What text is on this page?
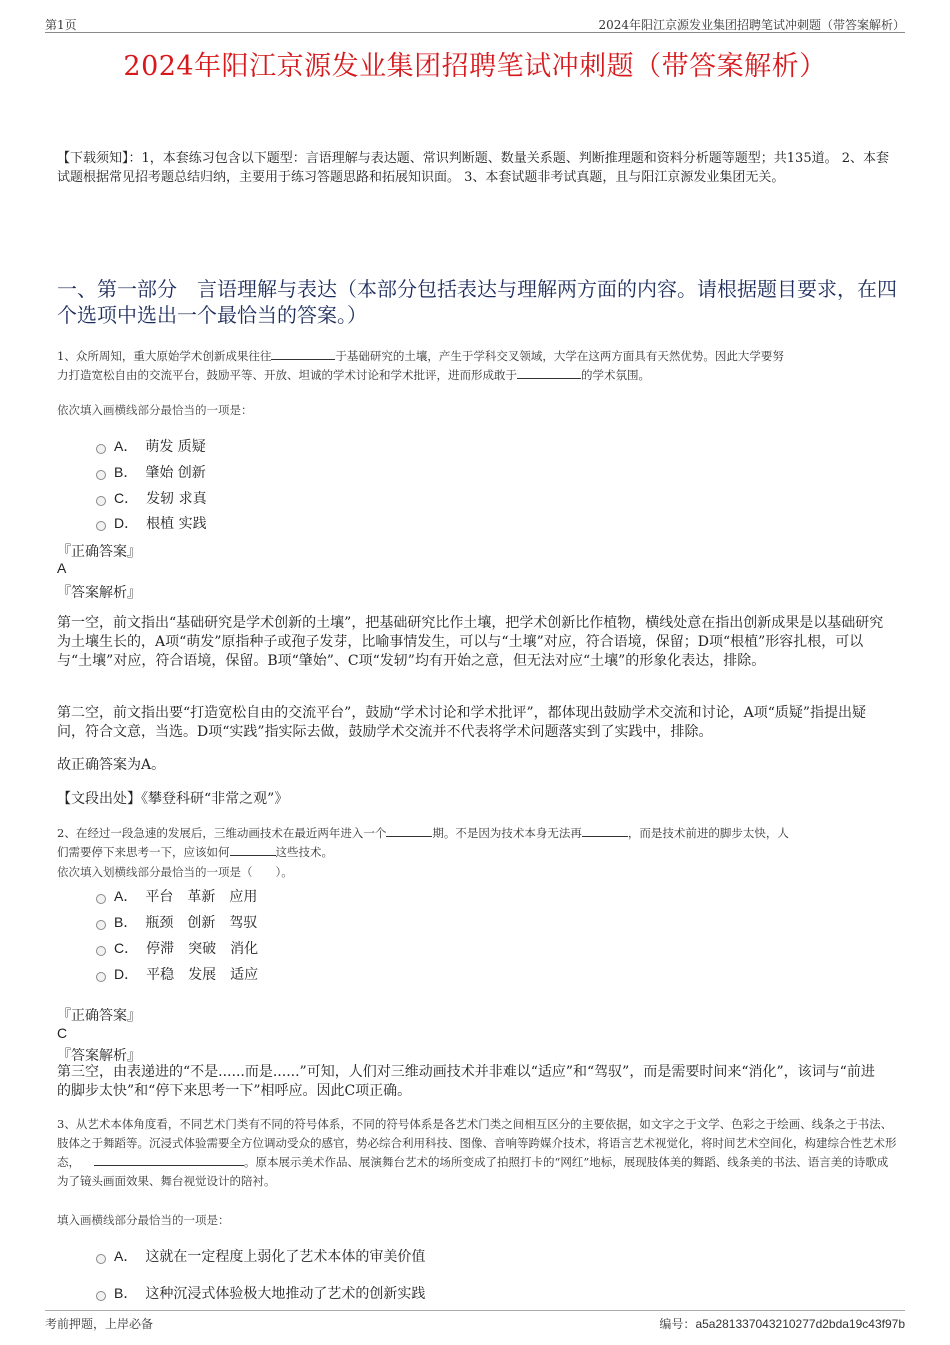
第1页	2024年阳江京源发业集团招聘笔试冲刺题（带答案解析）
2024年阳江京源发业集团招聘笔试冲刺题（带答案解析）
【下载须知】：1，本套练习包含以下题型：言语理解与表达题、常识判断题、数量关系题、判断推理题和资料分析题等题型；共135道。 2、本套试题根据常见招考题总结归纳，主要用于练习答题思路和拓展知识面。 3、本套试题非考试真题，且与阳江京源发业集团无关。
一、第一部分　言语理解与表达（本部分包括表达与理解两方面的内容。请根据题目要求，在四个选项中选出一个最恰当的答案。）
1、众所周知，重大原始学术创新成果往往	于基础研究的土壤，产生于学科交叉领域，大学在这两方面具有天然优势。因此大学要努
力打造宽松自由的交流平台，鼓励平等、开放、坦诚的学术讨论和学术批评，进而形成敢于	的学术氛围。
依次填入画横线部分最恰当的一项是：
A． 萌发 质疑
B． 肇始 创新
C． 发轫 求真
D． 根植 实践
『正确答案』
A
『答案解析』
第一空，前文指出“基础研究是学术创新的土壤”，把基础研究比作土壤，把学术创新比作植物，横线处意在指出创新成果是以基础研究为土壤生长的，A项“萌发”原指种子或孢子发芽，比喻事情发生，可以与“土壤”对应，符合语境，保留；D项“根植”形容扎根，可以与“土壤”对应，符合语境，保留。B项“肇始”、C项“发轫”均有开始之意，但无法对应“土壤”的形象化表达，排除。
第二空，前文指出要“打造宽松自由的交流平台”，鼓励“学术讨论和学术批评”，都体现出鼓励学术交流和讨论，A项“质疑”指提出疑问，符合文意，当选。D项“实践”指实际去做，鼓励学术交流并不代表将学术问题落实到了实践中，排除。
故正确答案为A。
【文段出处】《攀登科研“非常之观”》
2、在经过一段急速的发展后，三维动画技术在最近两年进入一个	期。不是因为技术本身无法再	，而是技术前进的脚步太快，人
们需要停下来思考一下，应该如何	这些技术。
依次填入划横线部分最恰当的一项是（　　）。
A． 平台　革新　应用
B． 瓶颈　创新　驾驭
C． 停滞　突破　消化
D． 平稳　发展　适应
『正确答案』
C
『答案解析』
第三空，由表递进的“不是......而是......”可知，人们对三维动画技术并非难以“适应”和“驾驭”，而是需要时间来“消化”，该词与“前进的脚步太快”和“停下来思考一下”相呼应。因此C项正确。
3、从艺术本体角度看，不同艺术门类有不同的符号体系，不同的符号体系是各艺术门类之间相互区分的主要依据，如文字之于文学、色彩之于绘画、线条之于书法、肢体之于舞蹈等。沉浸式体验需要全方位调动受众的感官，势必综合利用科技、图像、音响等跨媒介技术，将语言艺术视觉化，将时间艺术空间化，构建综合性艺术形态，	。原本展示美术作品、展演舞台艺术的场所变成了拍照打卡的“网红”地标，展现肢体美的舞蹈、线条美的书法、语言美的诗歌成为了镜头画面效果、舞台视觉设计的陪衬。
填入画横线部分最恰当的一项是：
A． 这就在一定程度上弱化了艺术本体的审美价值
B． 这种沉浸式体验极大地推动了艺术的创新实践
考前押题，上岸必备	编号：a5a281337043210277d2bda19c43f97b
